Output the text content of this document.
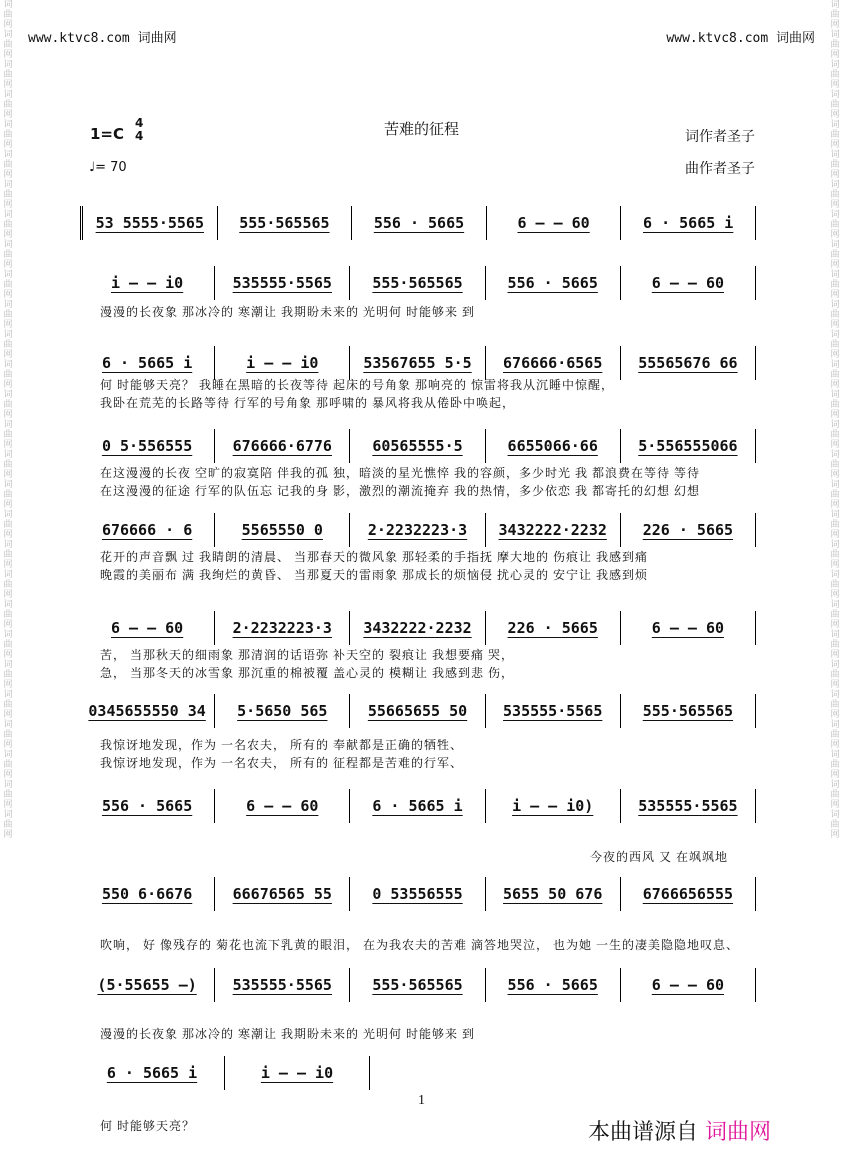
词曲网词曲网词曲网词曲网词曲网词曲网词曲网词曲网词曲网词曲网词曲网词曲网词曲网词曲网词曲网词曲网词曲网词曲网词曲网词曲网词曲网词曲网词曲网词曲网词曲网词曲网词曲网词曲网
词曲网词曲网词曲网词曲网词曲网词曲网词曲网词曲网词曲网词曲网词曲网词曲网词曲网词曲网词曲网词曲网词曲网词曲网词曲网词曲网词曲网词曲网词曲网词曲网词曲网词曲网词曲网词曲网
www.ktvc8.com 词曲网	www.ktvc8.com 词曲网
苦难的征程
1=C
4
4
♩= 70
词作者圣子
曲作者圣子
53 5555·5565	555·565565	556 · 5665	6 — — 60	6 · 5665 i
i — — i0	535555·5565	555·565565	556 · 5665	6 — — 60
漫漫的长夜象 那冰冷的 寒潮让 我期盼未来的 光明何 时能够来 到
6 · 5665 i	i — — i0	53567655 5·5	676666·6565	55565676 66
何 时能够天亮？ 我睡在黑暗的长夜等待 起床的号角象 那响亮的 惊雷将我从沉睡中惊醒，
我卧在荒芜的长路等待 行军的号角象 那呼啸的 暴风将我从倦卧中唤起，
0 5·556555	676666·6776	60565555·5	6655066·66	5·556555066
在这漫漫的长夜 空旷的寂寞陪 伴我的孤 独，暗淡的星光憔悴 我的容颜，多少时光 我 都浪费在等待 等待
在这漫漫的征途 行军的队伍忘 记我的身 影，激烈的潮流掩弃 我的热情，多少依恋 我 都寄托的幻想 幻想
676666 · 6	5565550 0	2·2232223·3	3432222·2232	226 · 5665
花开的声音飘 过 我睛朗的清晨、 当那春天的微风象 那轻柔的手指抚 摩大地的 伤痕让 我感到痛
晚霞的美丽布 满 我绚烂的黄昏、 当那夏天的雷雨象 那成长的烦恼侵 扰心灵的 安宁让 我感到烦
6 — — 60	2·2232223·3	3432222·2232	226 · 5665	6 — — 60
苦， 当那秋天的细雨象 那清润的话语弥 补天空的 裂痕让 我想要痛 哭，
急， 当那冬天的冰雪象 那沉重的棉被覆 盖心灵的 模糊让 我感到悲 伤，
0345655550 34	5·5650 565	55665655 50	535555·5565	555·565565
我惊讶地发现，作为 一名农夫， 所有的 奉献都是正确的牺牲、
我惊讶地发现，作为 一名农夫， 所有的 征程都是苦难的行军、
556 · 5665	6 — — 60	6 · 5665 i	i — — i0)	535555·5565
今夜的西风 又 在飒飒地
550 6·6676	66676565 55	0 53556555	5655 50 676	6766656555
吹响， 好 像残存的 菊花也流下乳黄的眼泪， 在为我农夫的苦难 滴答地哭泣， 也为她 一生的凄美隐隐地叹息、
(5·55655 —)	535555·5565	555·565565	556 · 5665	6 — — 60
漫漫的长夜象 那冰冷的 寒潮让 我期盼未来的 光明何 时能够来 到
6 · 5665 i	i — — i0
何 时能够天亮？
1
本曲谱源自 词曲网
